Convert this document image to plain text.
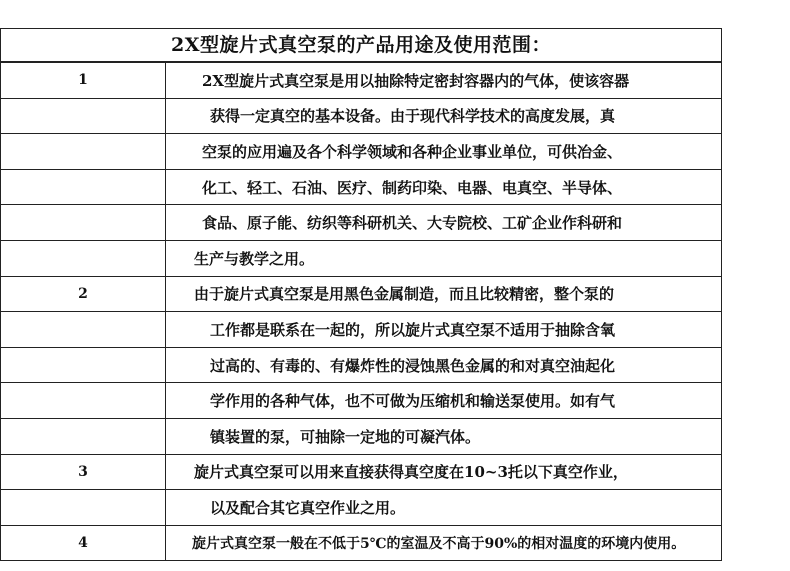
2X型旋片式真空泵的产品用途及使用范围：
1	2X型旋片式真空泵是用以抽除特定密封容器内的气体，使该容器

	获得一定真空的基本设备。由于现代科学技术的高度发展，真

	空泵的应用遍及各个科学领域和各种企业事业单位，可供冶金、

	化工、轻工、石油、医疗、制药印染、电器、电真空、半导体、

	食品、原子能、纺织等科研机关、大专院校、工矿企业作科研和

	生产与教学之用。

2	由于旋片式真空泵是用黑色金属制造，而且比较精密，整个泵的

	工作都是联系在一起的，所以旋片式真空泵不适用于抽除含氧

	过高的、有毒的、有爆炸性的浸蚀黑色金属的和对真空油起化

	学作用的各种气体，也不可做为压缩机和输送泵使用。如有气

	镇装置的泵，可抽除一定地的可凝汽体。

3	旋片式真空泵可以用来直接获得真空度在10~3托以下真空作业，

	以及配合其它真空作业之用。

4	旋片式真空泵一般在不低于5℃的室温及不高于90%的相对温度的环境内使用。
